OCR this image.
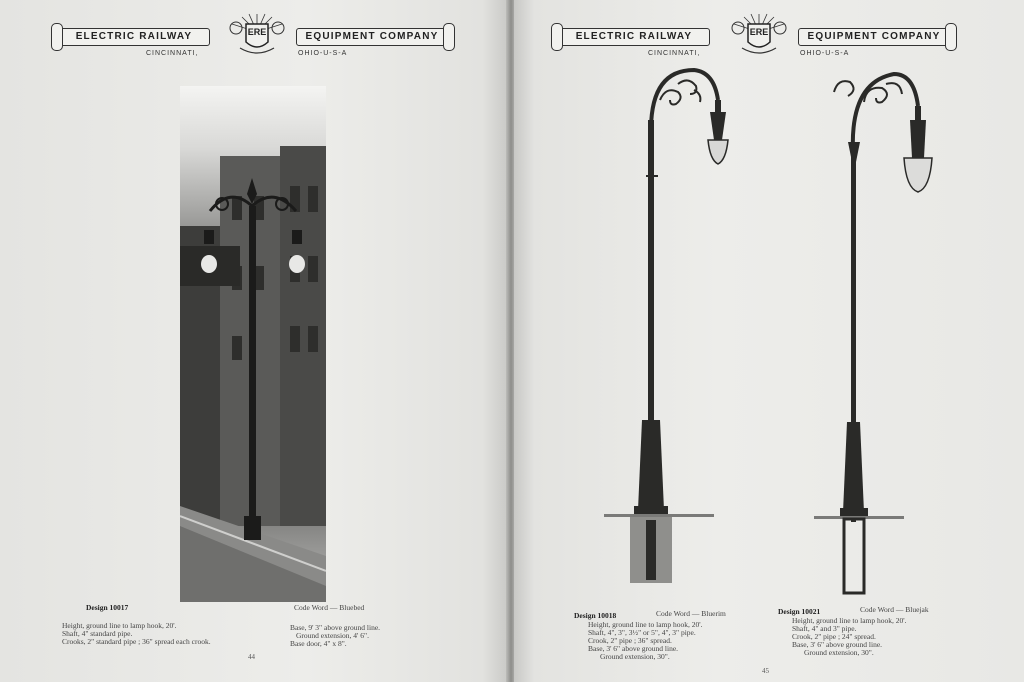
ELECTRIC RAILWAY	ERE	EQUIPMENT COMPANY
CINCINNATI,	OHIO-U-S-A
Design 10017	Code Word — Bluebed
Height, ground line to lamp hook, 20'.
Shaft, 4" standard pipe.
Crooks, 2" standard pipe ; 36" spread each crook.
Base, 9' 3" above ground line.
Ground extension, 4' 6".
Base door, 4" x 8".
44
ELECTRIC RAILWAY	ERE	EQUIPMENT COMPANY
CINCINNATI,	OHIO-U-S-A
Design 10018	Code Word — Bluerim
Height, ground line to lamp hook, 20'.
Shaft, 4", 3", 3½" or 5", 4", 3" pipe.
Crook, 2" pipe ; 36" spread.
Base, 3' 6" above ground line.
Ground extension, 30".
Design 10021	Code Word — Bluejak
Height, ground line to lamp hook, 20'.
Shaft, 4" and 3" pipe.
Crook, 2" pipe ; 24" spread.
Base, 3' 6" above ground line.
Ground extension, 30".
45
